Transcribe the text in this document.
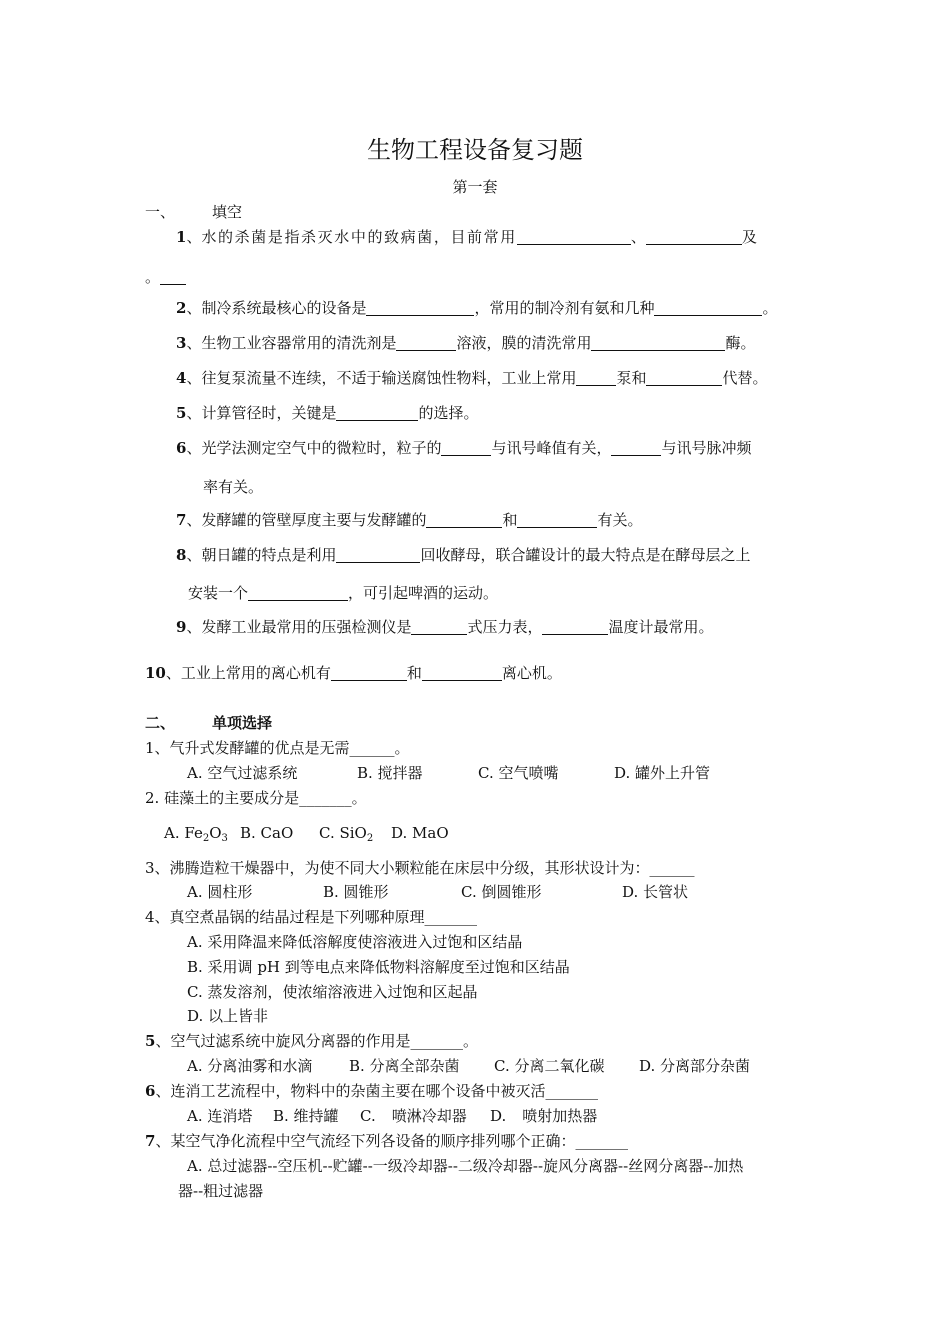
生物工程设备复习题
第一套
一、 填空
1、水的杀菌是指杀灭水中的致病菌，目前常用	、	及
。
2、制冷系统最核心的设备是	，常用的制冷剂有氨和几种	。
3、生物工业容器常用的清洗剂是	溶液，膜的清洗常用	酶。
4、往复泵流量不连续，不适于输送腐蚀性物料，工业上常用	泵和	代替。
5、计算管径时，关键是	的选择。
6、光学法测定空气中的微粒时，粒子的	与讯号峰值有关，	与讯号脉冲频
率有关。
7、发酵罐的管壁厚度主要与发酵罐的	和	有关。
8、朝日罐的特点是利用	回收酵母，联合罐设计的最大特点是在酵母层之上
安装一个	，可引起啤酒的运动。
9、发酵工业最常用的压强检测仪是	式压力表，	温度计最常用。
10、工业上常用的离心机有	和	离心机。
二、 单项选择
1、气升式发酵罐的优点是无需______。
A. 空气过滤系统	B. 搅拌器	C. 空气喷嘴	D. 罐外上升管
2. 硅藻土的主要成分是_______。
A. $Fe_2O_3$ B. CaO C. SiO$_2$ D. MaO
3、沸腾造粒干燥器中，为使不同大小颗粒能在床层中分级，其形状设计为：______
A. 圆柱形	B. 圆锥形	C. 倒圆锥形	D. 长管状
4、真空煮晶锅的结晶过程是下列哪种原理_______
A. 采用降温来降低溶解度使溶液进入过饱和区结晶
B. 采用调 pH 到等电点来降低物料溶解度至过饱和区结晶
C. 蒸发溶剂，使浓缩溶液进入过饱和区起晶
D. 以上皆非
5、空气过滤系统中旋风分离器的作用是_______。
A. 分离油雾和水滴 B. 分离全部杂菌 C. 分离二氧化碳 D. 分离部分杂菌
6、连消工艺流程中，物料中的杂菌主要在哪个设备中被灭活_______
A. 连消塔 B. 维持罐 C. 喷淋冷却器 D. 喷射加热器
7、某空气净化流程中空气流经下列各设备的顺序排列哪个正确：_______
A. 总过滤器--空压机--贮罐--一级冷却器--二级冷却器--旋风分离器--丝网分离器--加热
器--粗过滤器
